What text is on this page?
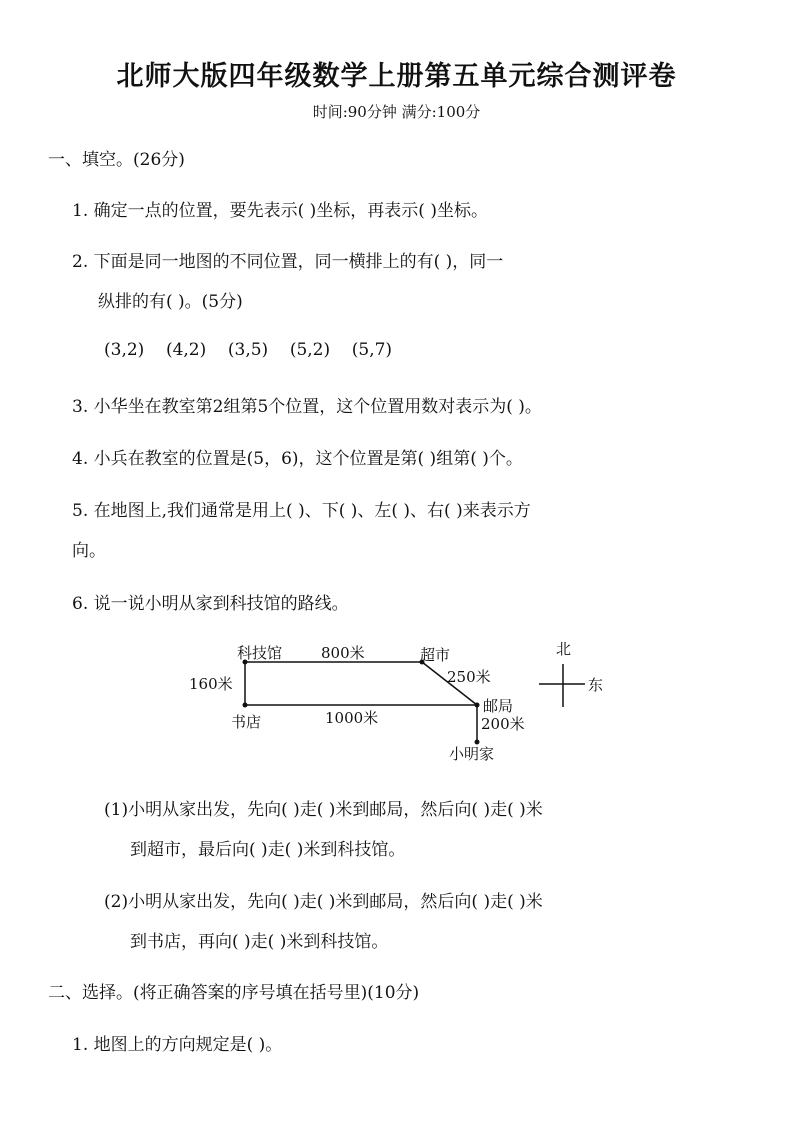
北师大版四年级数学上册第五单元综合测评卷
时间:90分钟 满分:100分
一、填空。(26分)
1. 确定一点的位置，要先表示( )坐标，再表示( )坐标。
2. 下面是同一地图的不同位置，同一横排上的有( )，同一
纵排的有( )。(5分)
(3,2) (4,2) (3,5) (5,2) (5,7)
3. 小华坐在教室第2组第5个位置，这个位置用数对表示为( )。
4. 小兵在教室的位置是(5，6)，这个位置是第( )组第( )个。
5. 在地图上,我们通常是用上( )、下( )、左( )、右( )来表示方
向。
6. 说一说小明从家到科技馆的路线。
科技馆	800米	超市
250米
160米
邮局
书店	1000米	200米
小明家
北
东
(1)小明从家出发，先向( )走( )米到邮局，然后向( )走( )米
到超市，最后向( )走( )米到科技馆。
(2)小明从家出发，先向( )走( )米到邮局，然后向( )走( )米
到书店，再向( )走( )米到科技馆。
二、选择。(将正确答案的序号填在括号里)(10分)
1. 地图上的方向规定是( )。
